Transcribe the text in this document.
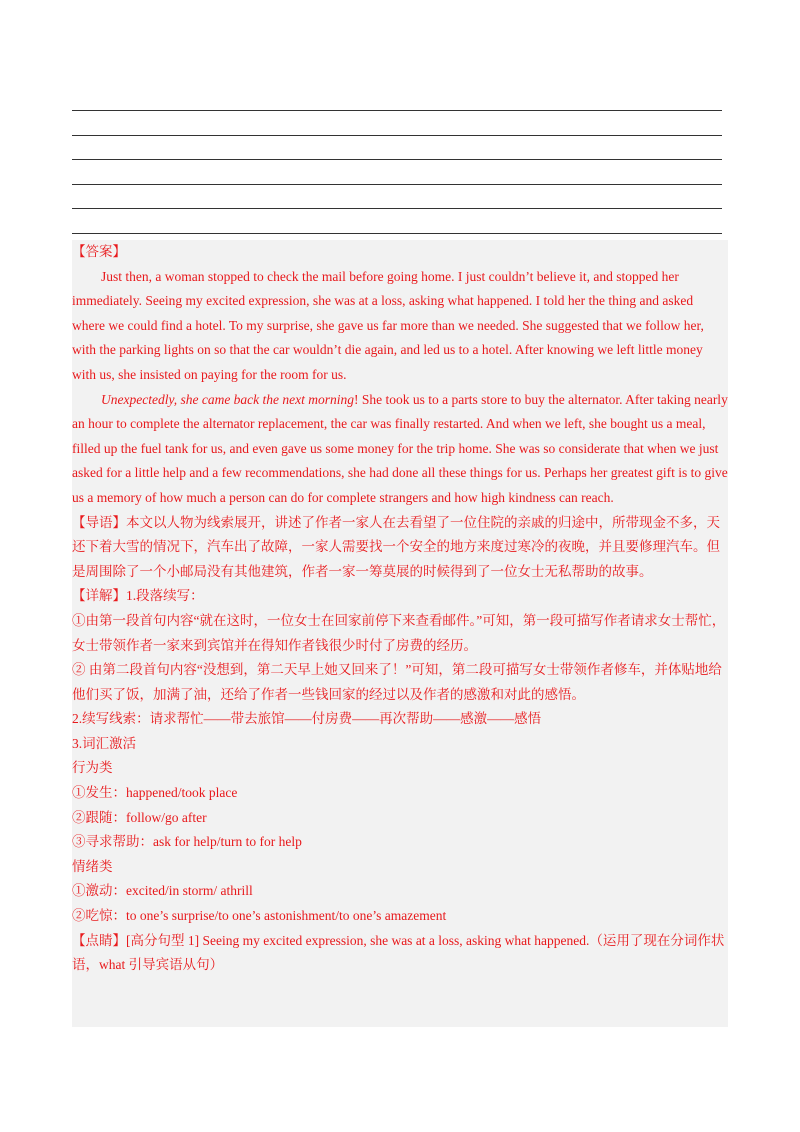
【答案】

Just then, a woman stopped to check the mail before going home. I just couldn’t believe it, and stopped her immediately. Seeing my excited expression, she was at a loss, asking what happened. I told her the thing and asked where we could find a hotel. To my surprise, she gave us far more than we needed. She suggested that we follow her, with the parking lights on so that the car wouldn’t die again, and led us to a hotel. After knowing we left little money with us, she insisted on paying for the room for us.

Unexpectedly, she came back the next morning! She took us to a parts store to buy the alternator. After taking nearly an hour to complete the alternator replacement, the car was finally restarted. And when we left, she bought us a meal, filled up the fuel tank for us, and even gave us some money for the trip home. She was so considerate that when we just asked for a little help and a few recommendations, she had done all these things for us. Perhaps her greatest gift is to give us a memory of how much a person can do for complete strangers and how high kindness can reach.

【导语】本文以人物为线索展开，讲述了作者一家人在去看望了一位住院的亲戚的归途中，所带现金不多，天还下着大雪的情况下，汽车出了故障，一家人需要找一个安全的地方来度过寒冷的夜晚，并且要修理汽车。但是周围除了一个小邮局没有其他建筑，作者一家一筹莫展的时候得到了一位女士无私帮助的故事。

【详解】1.段落续写：

①由第一段首句内容“就在这时，一位女士在回家前停下来查看邮件。”可知，第一段可描写作者请求女士帮忙，女士带领作者一家来到宾馆并在得知作者钱很少时付了房费的经历。

② 由第二段首句内容“没想到，第二天早上她又回来了！”可知，第二段可描写女士带领作者修车，并体贴地给他们买了饭，加满了油，还给了作者一些钱回家的经过以及作者的感激和对此的感悟。

2.续写线索：请求帮忙——带去旅馆——付房费——再次帮助——感激——感悟

3.词汇激活

行为类

①发生：happened/took place

②跟随：follow/go after

③寻求帮助：ask for help/turn to for help

情绪类

①激动：excited/in storm/ athrill

②吃惊：to one’s surprise/to one’s astonishment/to one’s amazement

【点睛】[高分句型 1] Seeing my excited expression, she was at a loss, asking what happened.（运用了现在分词作状语，what 引导宾语从句）
